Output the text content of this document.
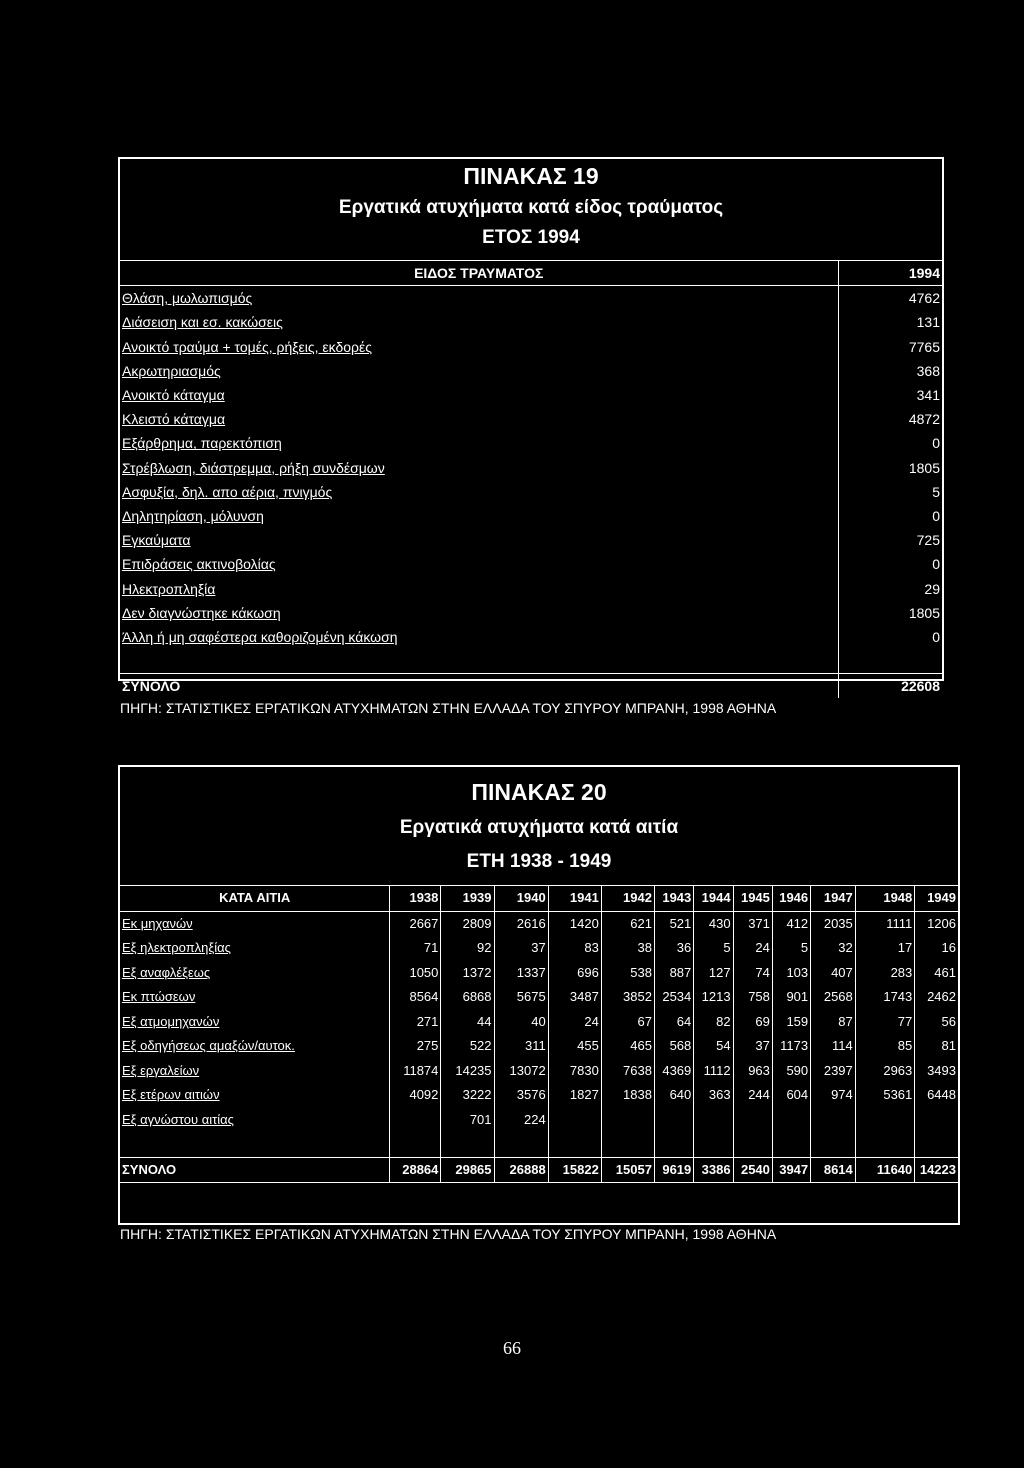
ΠΙΝΑΚΑΣ 19
Εργατικά ατυχήματα κατά είδος τραύματος
ΕΤΟΣ 1994
ΕΙΔΟΣ ΤΡΑΥΜΑΤΟΣ	1994
Θλάση, μωλωπισμός	4762
Διάσειση και εσ. κακώσεις	131
Ανοικτό τραύμα + τομές, ρήξεις, εκδορές	7765
Ακρωτηριασμός	368
Ανοικτό κάταγμα	341
Κλειστό κάταγμα	4872
Εξάρθρημα, παρεκτόπιση	0
Στρέβλωση, διάστρεμμα, ρήξη συνδέσμων	1805
Ασφυξία, δηλ. απο αέρια, πνιγμός	5
Δηλητηρίαση, μόλυνση	0
Εγκαύματα	725
Επιδράσεις ακτινοβολίας	0
Ηλεκτροπληξία	29
Δεν διαγνώστηκε κάκωση	1805
Άλλη ή μη σαφέστερα καθοριζομένη κάκωση	0

ΣΥΝΟΛΟ	22608
ΠΗΓΗ: ΣΤΑΤΙΣΤΙΚΕΣ ΕΡΓΑΤΙΚΩΝ ΑΤΥΧΗΜΑΤΩΝ ΣΤΗΝ ΕΛΛΑΔΑ ΤΟΥ ΣΠΥΡΟΥ ΜΠΡΑΝΗ, 1998 ΑΘΗΝΑ
ΠΙΝΑΚΑΣ 20
Εργατικά ατυχήματα κατά αιτία
ΕΤΗ 1938 - 1949
ΚΑΤΑ ΑΙΤΙΑ	1938	1939	1940	1941	1942	1943	1944	1945	1946	1947	1948	1949
Εκ μηχανών	2667	2809	2616	1420	621	521	430	371	412	2035	1111	1206
Εξ ηλεκτροπληξίας	71	92	37	83	38	36	5	24	5	32	17	16
Εξ αναφλέξεως	1050	1372	1337	696	538	887	127	74	103	407	283	461
Εκ πτώσεων	8564	6868	5675	3487	3852	2534	1213	758	901	2568	1743	2462
Εξ ατμομηχανών	271	44	40	24	67	64	82	69	159	87	77	56
Εξ οδηγήσεως αμαξών/αυτοκ.	275	522	311	455	465	568	54	37	1173	114	85	81
Εξ εργαλείων	11874	14235	13072	7830	7638	4369	1112	963	590	2397	2963	3493
Εξ ετέρων αιτιών	4092	3222	3576	1827	1838	640	363	244	604	974	5361	6448
Εξ αγνώστου αιτίας		701	224									

ΣΥΝΟΛΟ	28864	29865	26888	15822	15057	9619	3386	2540	3947	8614	11640	14223
ΠΗΓΗ: ΣΤΑΤΙΣΤΙΚΕΣ ΕΡΓΑΤΙΚΩΝ ΑΤΥΧΗΜΑΤΩΝ ΣΤΗΝ ΕΛΛΑΔΑ ΤΟΥ ΣΠΥΡΟΥ ΜΠΡΑΝΗ, 1998 ΑΘΗΝΑ
66
